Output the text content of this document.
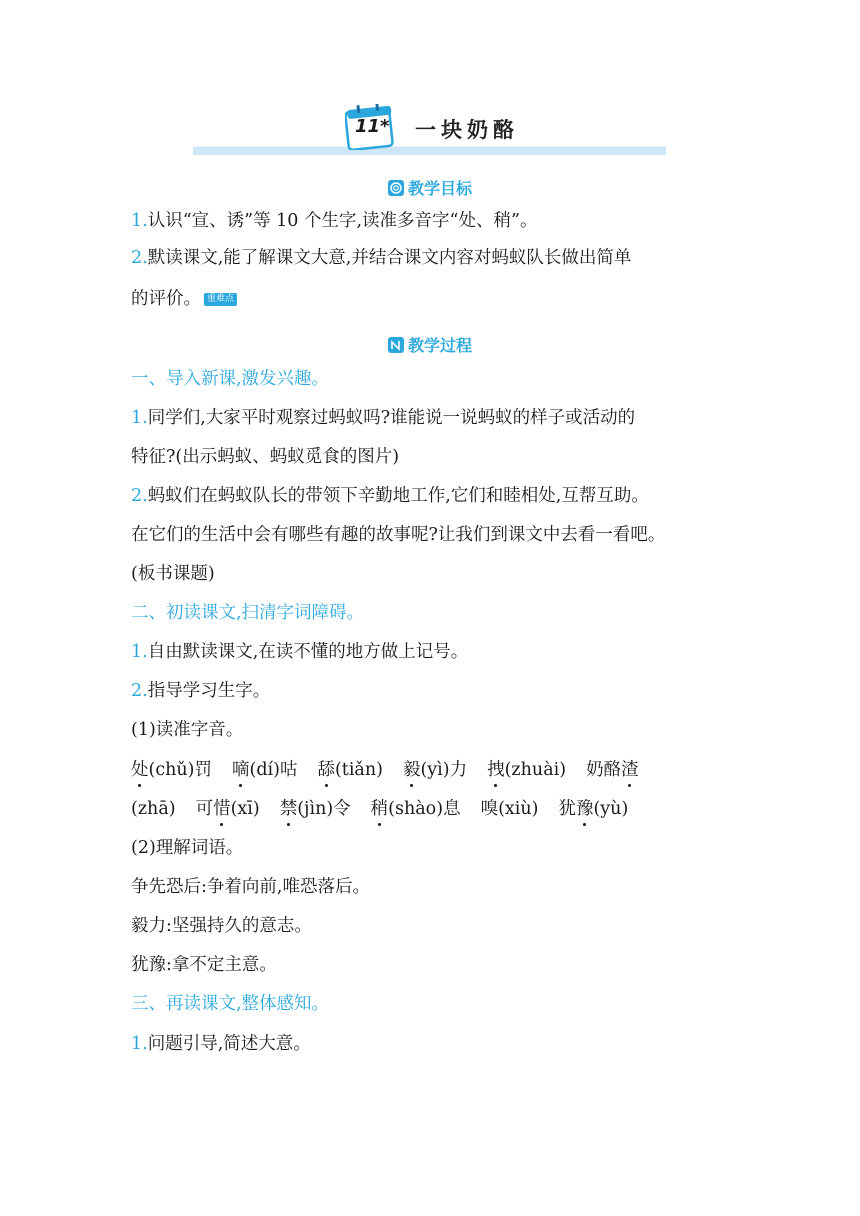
11* 一块奶酪
教学目标
1.认识“宣、诱”等 10 个生字,读准多音字“处、稍”。
2.默读课文,能了解课文大意,并结合课文内容对蚂蚁队长做出简单
的评价。 重难点
教学过程
一、导入新课,激发兴趣。
1.同学们,大家平时观察过蚂蚁吗?谁能说一说蚂蚁的样子或活动的
特征?(出示蚂蚁、蚂蚁觅食的图片)
2.蚂蚁们在蚂蚁队长的带领下辛勤地工作,它们和睦相处,互帮互助。
在它们的生活中会有哪些有趣的故事呢?让我们到课文中去看一看吧。
(板书课题)
二、初读课文,扫清字词障碍。
1.自由默读课文,在读不懂的地方做上记号。
2.指导学习生字。
(1)读准字音。
处(chǔ)罚 嘀(dí)咕 舔(tiǎn) 毅(yì)力 拽(zhuài) 奶酪渣
(zhā) 可惜(xī) 禁(jìn)令 稍(shào)息 嗅(xiù) 犹豫(yù)
(2)理解词语。
争先恐后:争着向前,唯恐落后。
毅力:坚强持久的意志。
犹豫:拿不定主意。
三、再读课文,整体感知。
1.问题引导,简述大意。
